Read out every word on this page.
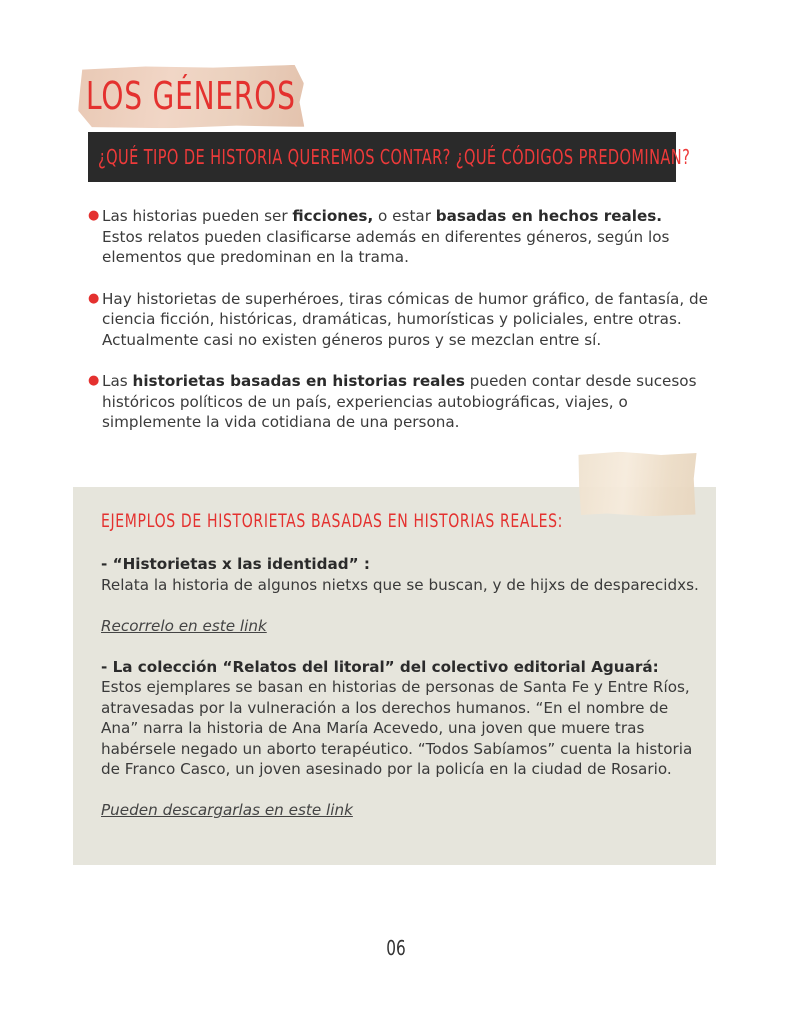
LOS GÉNEROS
¿QUÉ TIPO DE HISTORIA QUEREMOS CONTAR? ¿QUÉ CÓDIGOS PREDOMINAN?
● Las historias pueden ser ficciones, o estar basadas en hechos reales.
Estos relatos pueden clasificarse además en diferentes géneros, según los elementos que predominan en la trama.
● Hay historietas de superhéroes, tiras cómicas de humor gráfico, de fantasía, de ciencia ficción, históricas, dramáticas, humorísticas y policiales, entre otras. Actualmente casi no existen géneros puros y se mezclan entre sí.
● Las historietas basadas en historias reales pueden contar desde sucesos históricos políticos de un país, experiencias autobiográficas, viajes, o simplemente la vida cotidiana de una persona.
EJEMPLOS DE HISTORIETAS BASADAS EN HISTORIAS REALES:

- “Historietas x las identidad” :

Relata la historia de algunos nietxs que se buscan, y de hijxs de desparecidxs.

Recorrelo en este link

- La colección “Relatos del litoral” del colectivo editorial Aguará:

Estos ejemplares se basan en historias de personas de Santa Fe y Entre Ríos, atravesadas por la vulneración a los derechos humanos. “En el nombre de Ana” narra la historia de Ana María Acevedo, una joven que muere tras habérsele negado un aborto terapéutico. “Todos Sabíamos” cuenta la historia de Franco Casco, un joven asesinado por la policía en la ciudad de Rosario.

Pueden descargarlas en este link

06
